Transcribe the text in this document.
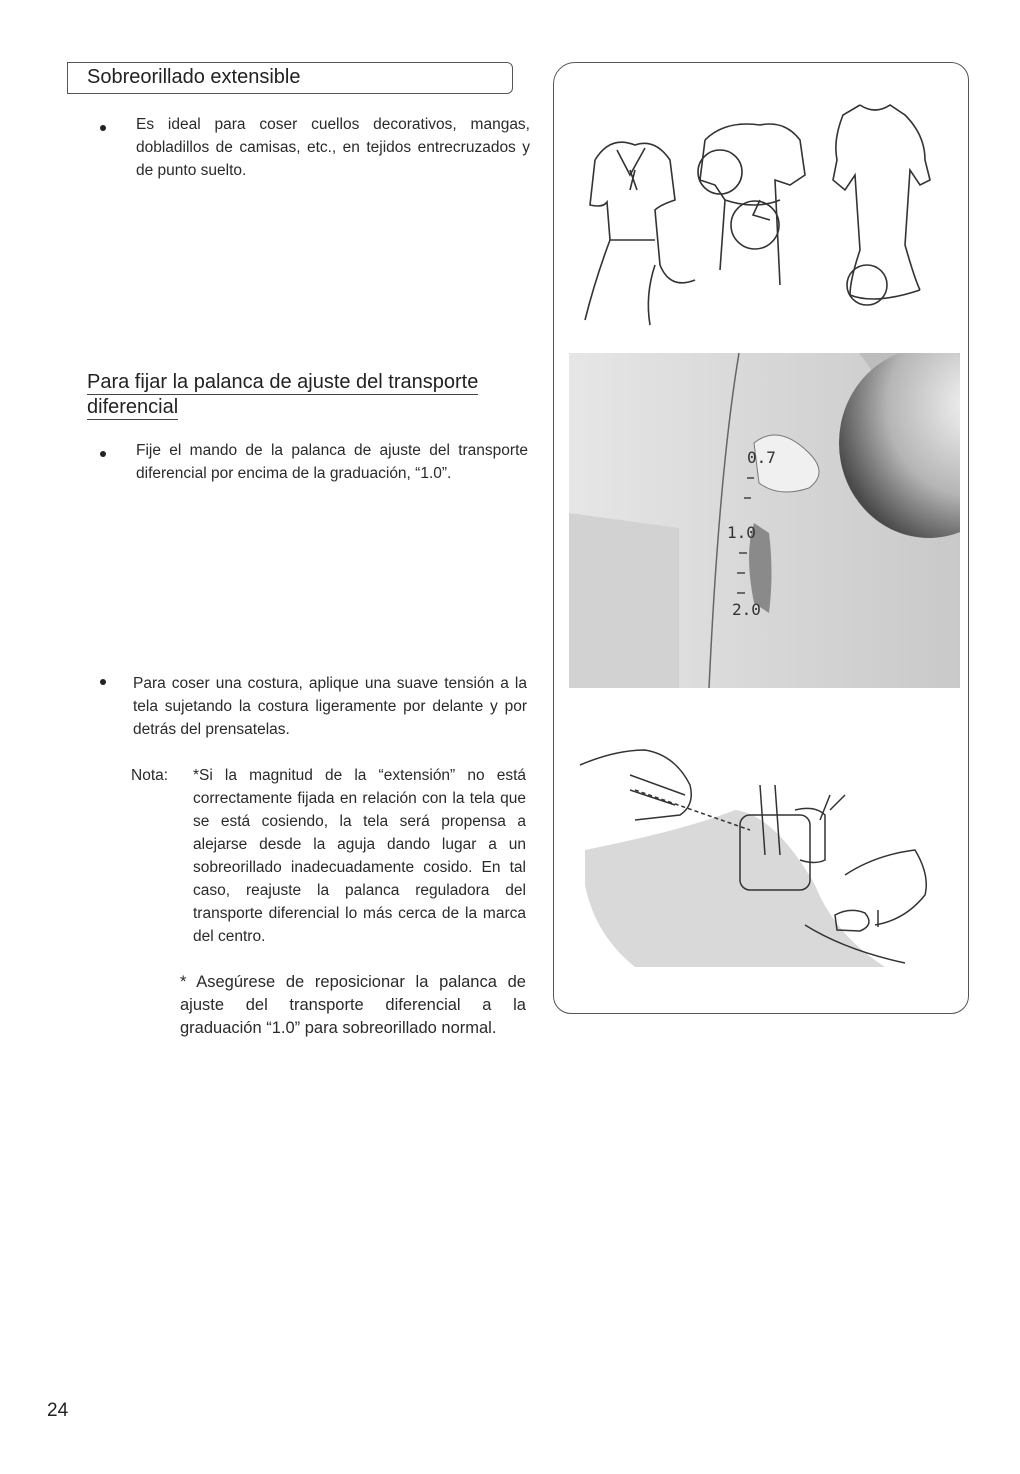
Sobreorillado extensible
Es ideal para coser cuellos decorativos, mangas, dobladillos de camisas, etc., en tejidos entrecruzados y de punto suelto.
Para fijar la palanca de ajuste del transporte
diferencial
Fije el mando de la palanca de ajuste del transporte diferencial por encima de la graduación, “1.0”.
Para coser una costura, aplique una suave tensión a la tela sujetando la costura ligeramente por delante y por detrás del prensatelas.
Nota: *Si la magnitud de la “extensión” no está correctamente fijada en relación con la tela que se está cosiendo, la tela será propensa a alejarse desde la aguja dando lugar a un sobreorillado inadecuadamente cosido. En tal caso, reajuste la palanca reguladora del transporte diferencial lo más cerca de la marca del centro.
* Asegúrese de reposicionar la palanca de ajuste del transporte diferencial a la graduación “1.0” para sobreorillado normal.
0.7
1.0
2.0
24
